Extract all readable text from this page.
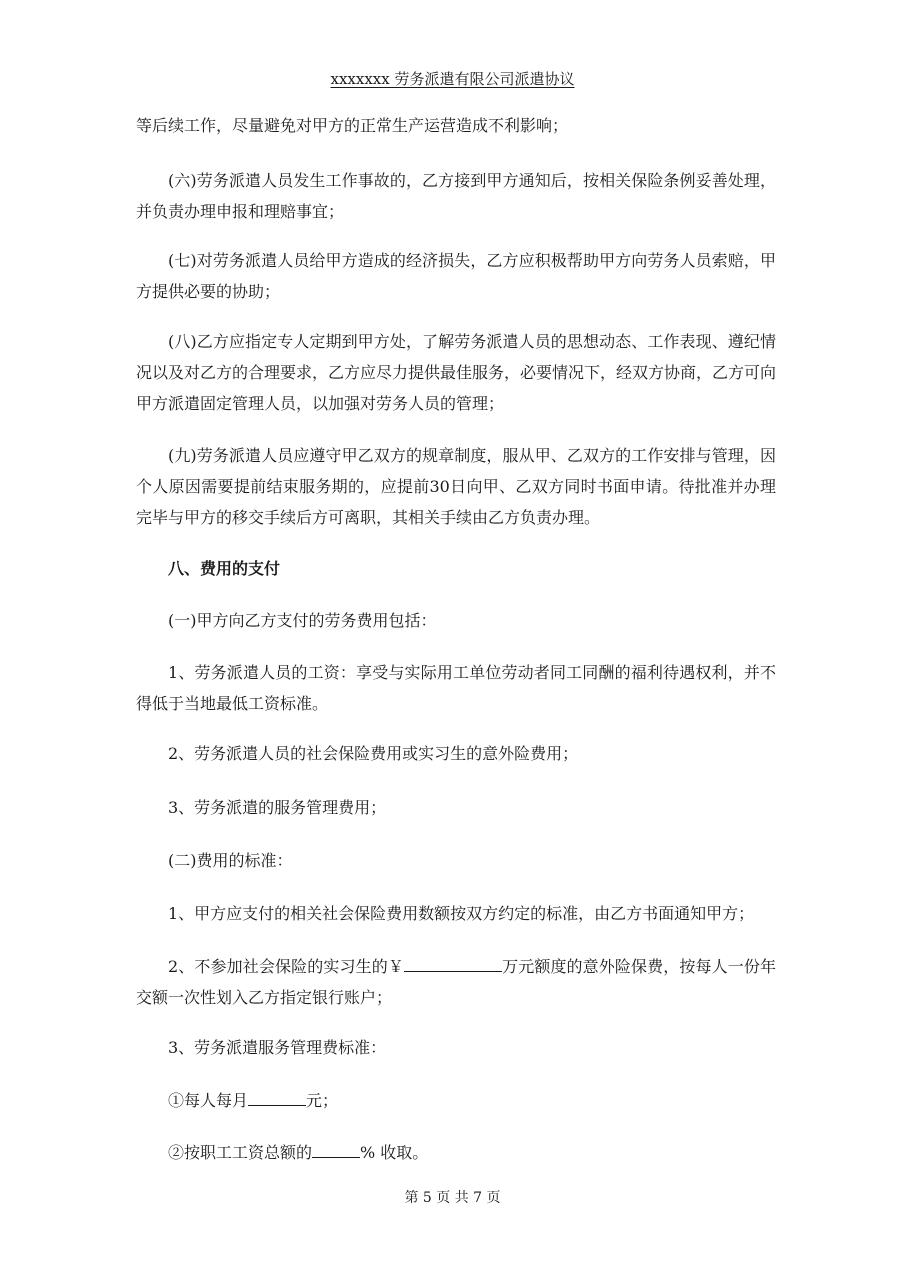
xxxxxxx 劳务派遣有限公司派遣协议
等后续工作，尽量避免对甲方的正常生产运营造成不利影响；
(六)劳务派遣人员发生工作事故的，乙方接到甲方通知后，按相关保险条例妥善处理，并负责办理申报和理赔事宜；
(七)对劳务派遣人员给甲方造成的经济损失，乙方应积极帮助甲方向劳务人员索赔，甲方提供必要的协助；
(八)乙方应指定专人定期到甲方处，了解劳务派遣人员的思想动态、工作表现、遵纪情况以及对乙方的合理要求，乙方应尽力提供最佳服务，必要情况下，经双方协商，乙方可向甲方派遣固定管理人员，以加强对劳务人员的管理；
(九)劳务派遣人员应遵守甲乙双方的规章制度，服从甲、乙双方的工作安排与管理，因个人原因需要提前结束服务期的，应提前30日向甲、乙双方同时书面申请。待批准并办理完毕与甲方的移交手续后方可离职，其相关手续由乙方负责办理。
八、费用的支付
(一)甲方向乙方支付的劳务费用包括：
1、劳务派遣人员的工资：享受与实际用工单位劳动者同工同酬的福利待遇权利，并不得低于当地最低工资标准。
2、劳务派遣人员的社会保险费用或实习生的意外险费用；
3、劳务派遣的服务管理费用；
(二)费用的标准：
1、甲方应支付的相关社会保险费用数额按双方约定的标准，由乙方书面通知甲方；
2、不参加社会保险的实习生的￥	万元额度的意外险保费，按每人一份年交额一次性划入乙方指定银行账户；
3、劳务派遣服务管理费标准：
①每人每月	元；
②按职工工资总额的	% 收取。
第 5 页 共 7 页
